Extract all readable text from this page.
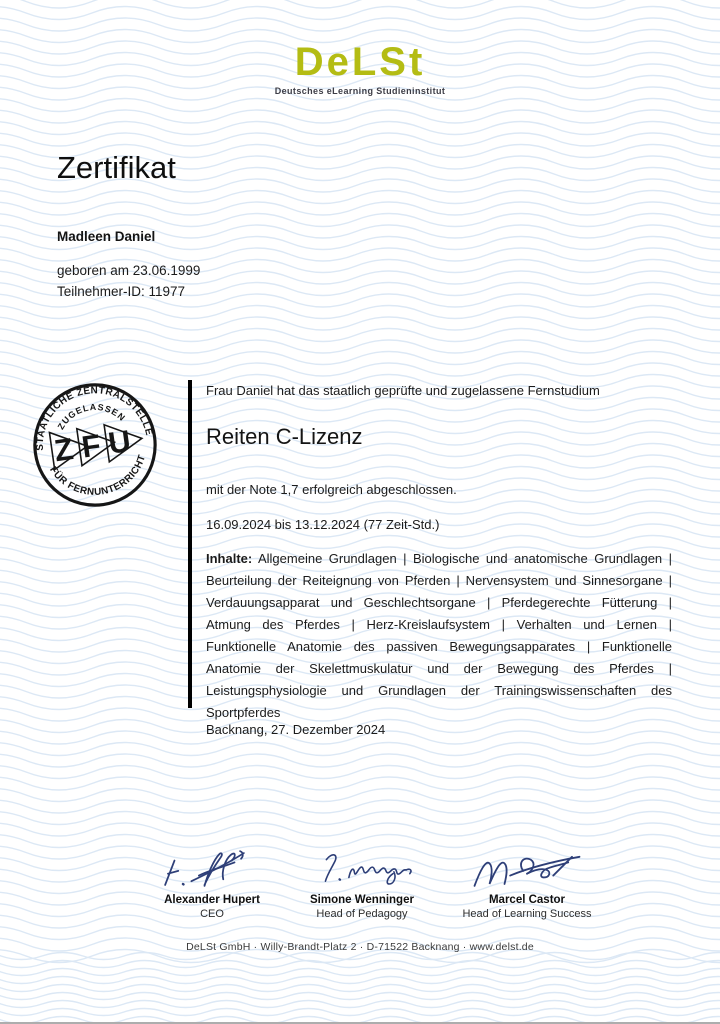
DeLSt
Deutsches eLearning Studieninstitut
Zertifikat
Madleen Daniel
geboren am 23.06.1999
Teilnehmer-ID: 11977
STAATLICHE ZENTRALSTELLE
ZUGELASSEN
FÜR FERNUNTERRICHT
Z F U

Frau Daniel hat das staatlich geprüfte und zugelassene Fernstudium

Reiten C-Lizenz

mit der Note 1,7 erfolgreich abgeschlossen.

16.09.2024 bis 13.12.2024 (77 Zeit-Std.)

Inhalte: Allgemeine Grundlagen | Biologische und anatomische Grundlagen | Beurteilung der Reiteignung von Pferden | Nervensystem und Sinnesorgane | Verdauungsapparat und Geschlechtsorgane | Pferdegerechte Fütterung | Atmung des Pferdes | Herz-Kreislaufsystem | Verhalten und Lernen | Funktionelle Anatomie des passiven Bewegungsapparates | Funktionelle Anatomie der Skelettmuskulatur und der Bewegung des Pferdes | Leistungsphysiologie und Grundlagen der Trainingswissenschaften des Sportpferdes

Backnang, 27. Dezember 2024
Alexander Hupert
CEO
Simone Wenninger
Head of Pedagogy
Marcel Castor
Head of Learning Success
DeLSt GmbH · Willy-Brandt-Platz 2 · D-71522 Backnang · www.delst.de
